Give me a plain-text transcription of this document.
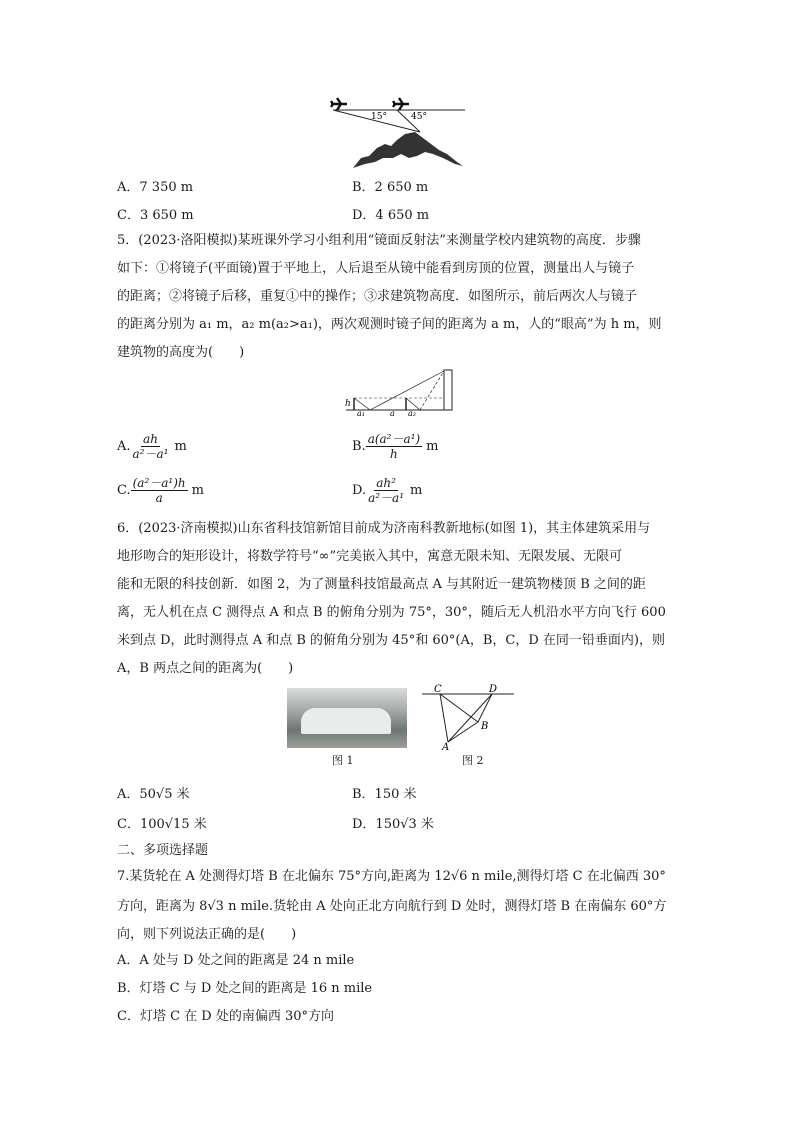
15°	45°
A．7 350 m	B．2 650 m
C．3 650 m	D．4 650 m
5．(2023·洛阳模拟)某班课外学习小组利用“镜面反射法”来测量学校内建筑物的高度．步骤
如下：①将镜子(平面镜)置于平地上，人后退至从镜中能看到房顶的位置，测量出人与镜子
的距离；②将镜子后移，重复①中的操作；③求建筑物高度．如图所示，前后两次人与镜子
的距离分别为 a₁ m，a₂ m(a₂>a₁)，两次观测时镜子间的距离为 a m，人的“眼高”为 h m，则
建筑物的高度为(　　)
h
a₁	a a₂
A. $\frac{ah}{\text{a²－a¹}}$ m	B. $\frac{\text{a(a²－a¹)}}{h}$ m
C. $\frac{\text{(a²－a¹)h}}{a}$ m	D. $\frac{\text{ah²}}{\text{a²－a¹}}$ m
6．(2023·济南模拟)山东省科技馆新馆目前成为济南科教新地标(如图 1)，其主体建筑采用与
地形吻合的矩形设计，将数学符号“∞”完美嵌入其中，寓意无限未知、无限发展、无限可
能和无限的科技创新．如图 2，为了测量科技馆最高点 A 与其附近一建筑物楼顶 B 之间的距
离，无人机在点 C 测得点 A 和点 B 的俯角分别为 75°，30°，随后无人机沿水平方向飞行 600
米到点 D，此时测得点 A 和点 B 的俯角分别为 45°和 60°(A，B，C，D 在同一铅垂面内)，则
A，B 两点之间的距离为(　　)
图 1
C	D
B
A
图 2
A．50√5 米	B．150 米
C．100√15 米	D．150√3 米
二、多项选择题
7.某货轮在 A 处测得灯塔 B 在北偏东 75°方向,距离为 12√6 n mile,测得灯塔 C 在北偏西 30°
方向，距离为 8√3 n mile.货轮由 A 处向正北方向航行到 D 处时，测得灯塔 B 在南偏东 60°方
向，则下列说法正确的是(　　)
A．A 处与 D 处之间的距离是 24 n mile
B．灯塔 C 与 D 处之间的距离是 16 n mile
C．灯塔 C 在 D 处的南偏西 30°方向
